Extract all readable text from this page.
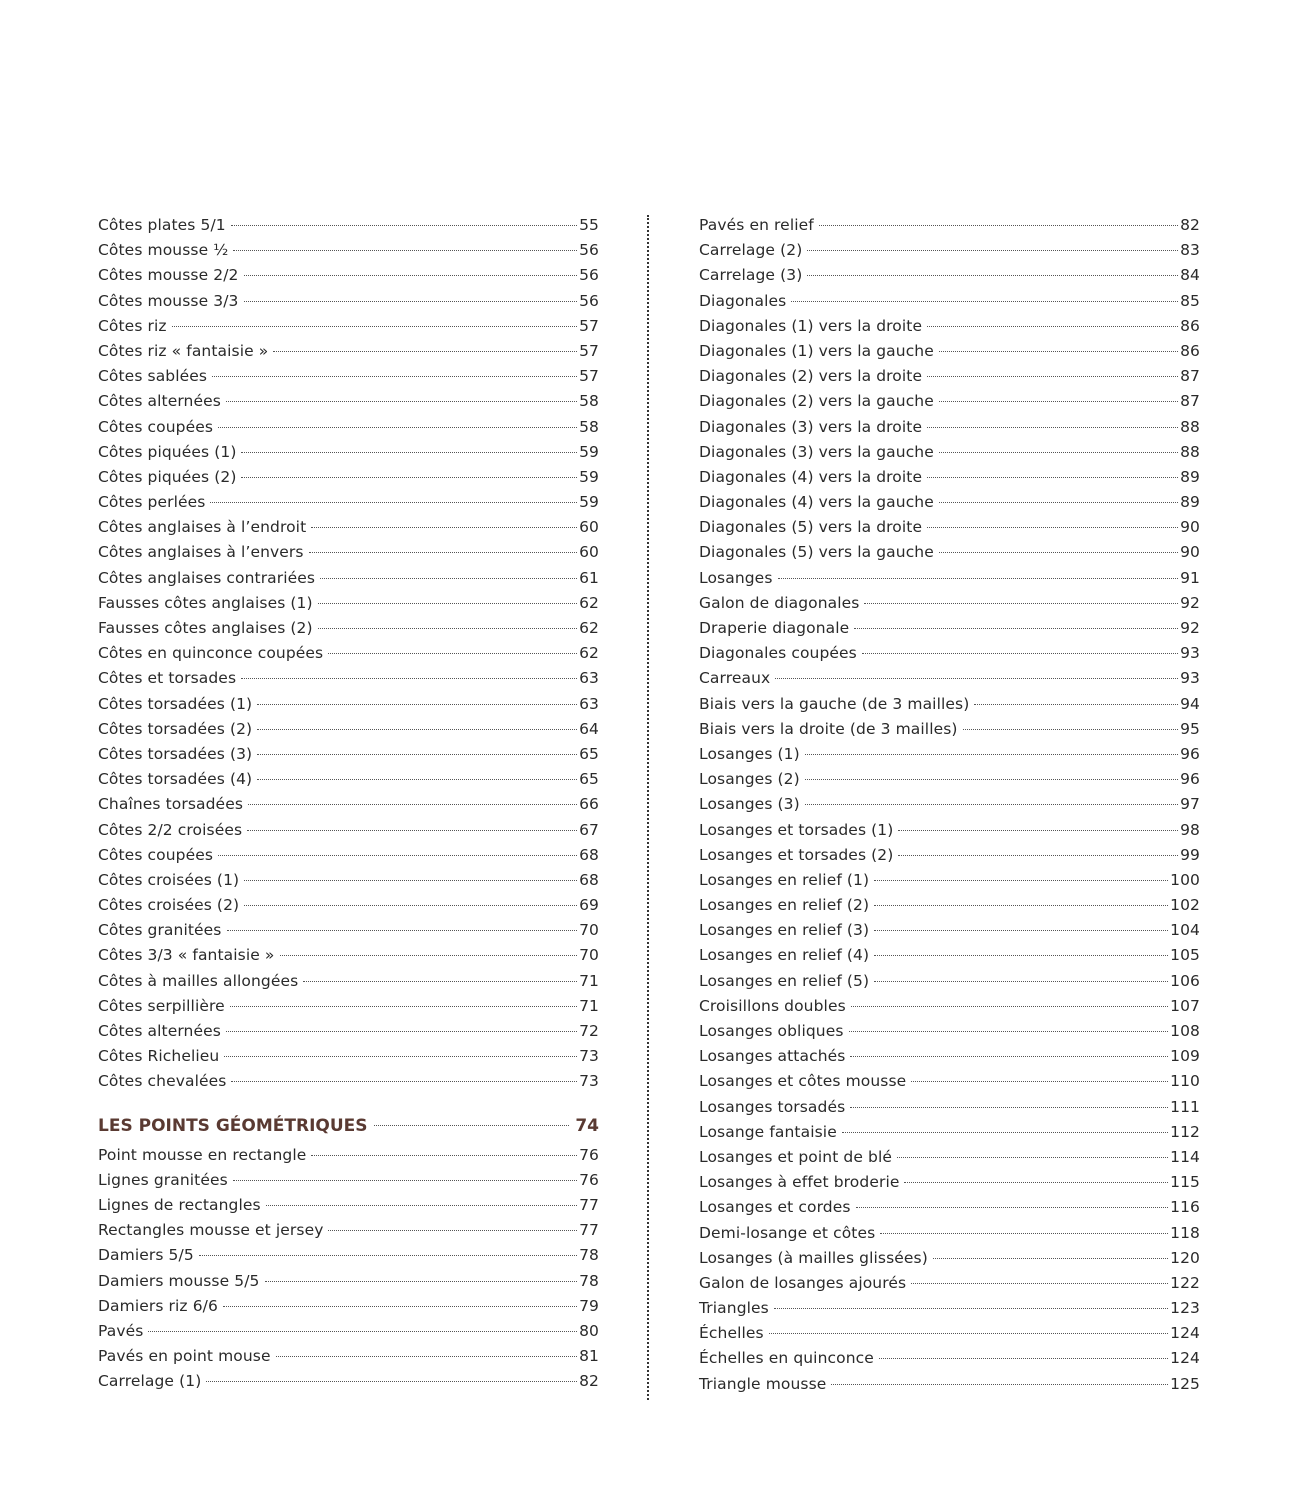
Côtes plates 5/1	55
Côtes mousse ½	56
Côtes mousse 2/2	56
Côtes mousse 3/3	56
Côtes riz	57
Côtes riz « fantaisie »	57
Côtes sablées	57
Côtes alternées	58
Côtes coupées	58
Côtes piquées (1)	59
Côtes piquées (2)	59
Côtes perlées	59
Côtes anglaises à l’endroit	60
Côtes anglaises à l’envers	60
Côtes anglaises contrariées	61
Fausses côtes anglaises (1)	62
Fausses côtes anglaises (2)	62
Côtes en quinconce coupées	62
Côtes et torsades	63
Côtes torsadées (1)	63
Côtes torsadées (2)	64
Côtes torsadées (3)	65
Côtes torsadées (4)	65
Chaînes torsadées	66
Côtes 2/2 croisées	67
Côtes coupées	68
Côtes croisées (1)	68
Côtes croisées (2)	69
Côtes granitées	70
Côtes 3/3 « fantaisie »	70
Côtes à mailles allongées	71
Côtes serpillière	71
Côtes alternées	72
Côtes Richelieu	73
Côtes chevalées	73
LES POINTS GÉOMÉTRIQUES	74
Point mousse en rectangle	76
Lignes granitées	76
Lignes de rectangles	77
Rectangles mousse et jersey	77
Damiers 5/5	78
Damiers mousse 5/5	78
Damiers riz 6/6	79
Pavés	80
Pavés en point mouse	81
Carrelage (1)	82
Pavés en relief	82
Carrelage (2)	83
Carrelage (3)	84
Diagonales	85
Diagonales (1) vers la droite	86
Diagonales (1) vers la gauche	86
Diagonales (2) vers la droite	87
Diagonales (2) vers la gauche	87
Diagonales (3) vers la droite	88
Diagonales (3) vers la gauche	88
Diagonales (4) vers la droite	89
Diagonales (4) vers la gauche	89
Diagonales (5) vers la droite	90
Diagonales (5) vers la gauche	90
Losanges	91
Galon de diagonales	92
Draperie diagonale	92
Diagonales coupées	93
Carreaux	93
Biais vers la gauche (de 3 mailles)	94
Biais vers la droite (de 3 mailles)	95
Losanges (1)	96
Losanges (2)	96
Losanges (3)	97
Losanges et torsades (1)	98
Losanges et torsades (2)	99
Losanges en relief (1)	100
Losanges en relief (2)	102
Losanges en relief (3)	104
Losanges en relief (4)	105
Losanges en relief (5)	106
Croisillons doubles	107
Losanges obliques	108
Losanges attachés	109
Losanges et côtes mousse	110
Losanges torsadés	111
Losange fantaisie	112
Losanges et point de blé	114
Losanges à effet broderie	115
Losanges et cordes	116
Demi-losange et côtes	118
Losanges (à mailles glissées)	120
Galon de losanges ajourés	122
Triangles	123
Échelles	124
Échelles en quinconce	124
Triangle mousse	125
